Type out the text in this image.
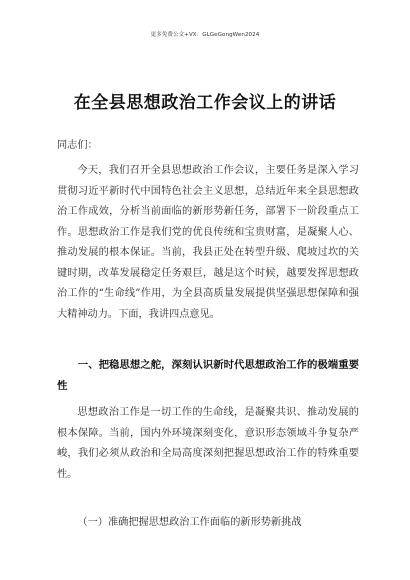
更多免费公文+VX：GLGeGongWen2024
在全县思想政治工作会议上的讲话
同志们：
今天，我们召开全县思想政治工作会议，主要任务是深入学习贯彻习近平新时代中国特色社会主义思想，总结近年来全县思想政治工作成效，分析当前面临的新形势新任务，部署下一阶段重点工作。思想政治工作是我们党的优良传统和宝贵财富，是凝聚人心、推动发展的根本保证。当前，我县正处在转型升级、爬坡过坎的关键时期，改革发展稳定任务艰巨，越是这个时候，越要发挥思想政治工作的“生命线”作用，为全县高质量发展提供坚强思想保障和强大精神动力。下面，我讲四点意见。
一、把稳思想之舵，深刻认识新时代思想政治工作的极端重要性
思想政治工作是一切工作的生命线，是凝聚共识、推动发展的根本保障。当前，国内外环境深刻变化，意识形态领域斗争复杂严峻，我们必须从政治和全局高度深刻把握思想政治工作的特殊重要性。
（一）准确把握思想政治工作面临的新形势新挑战
